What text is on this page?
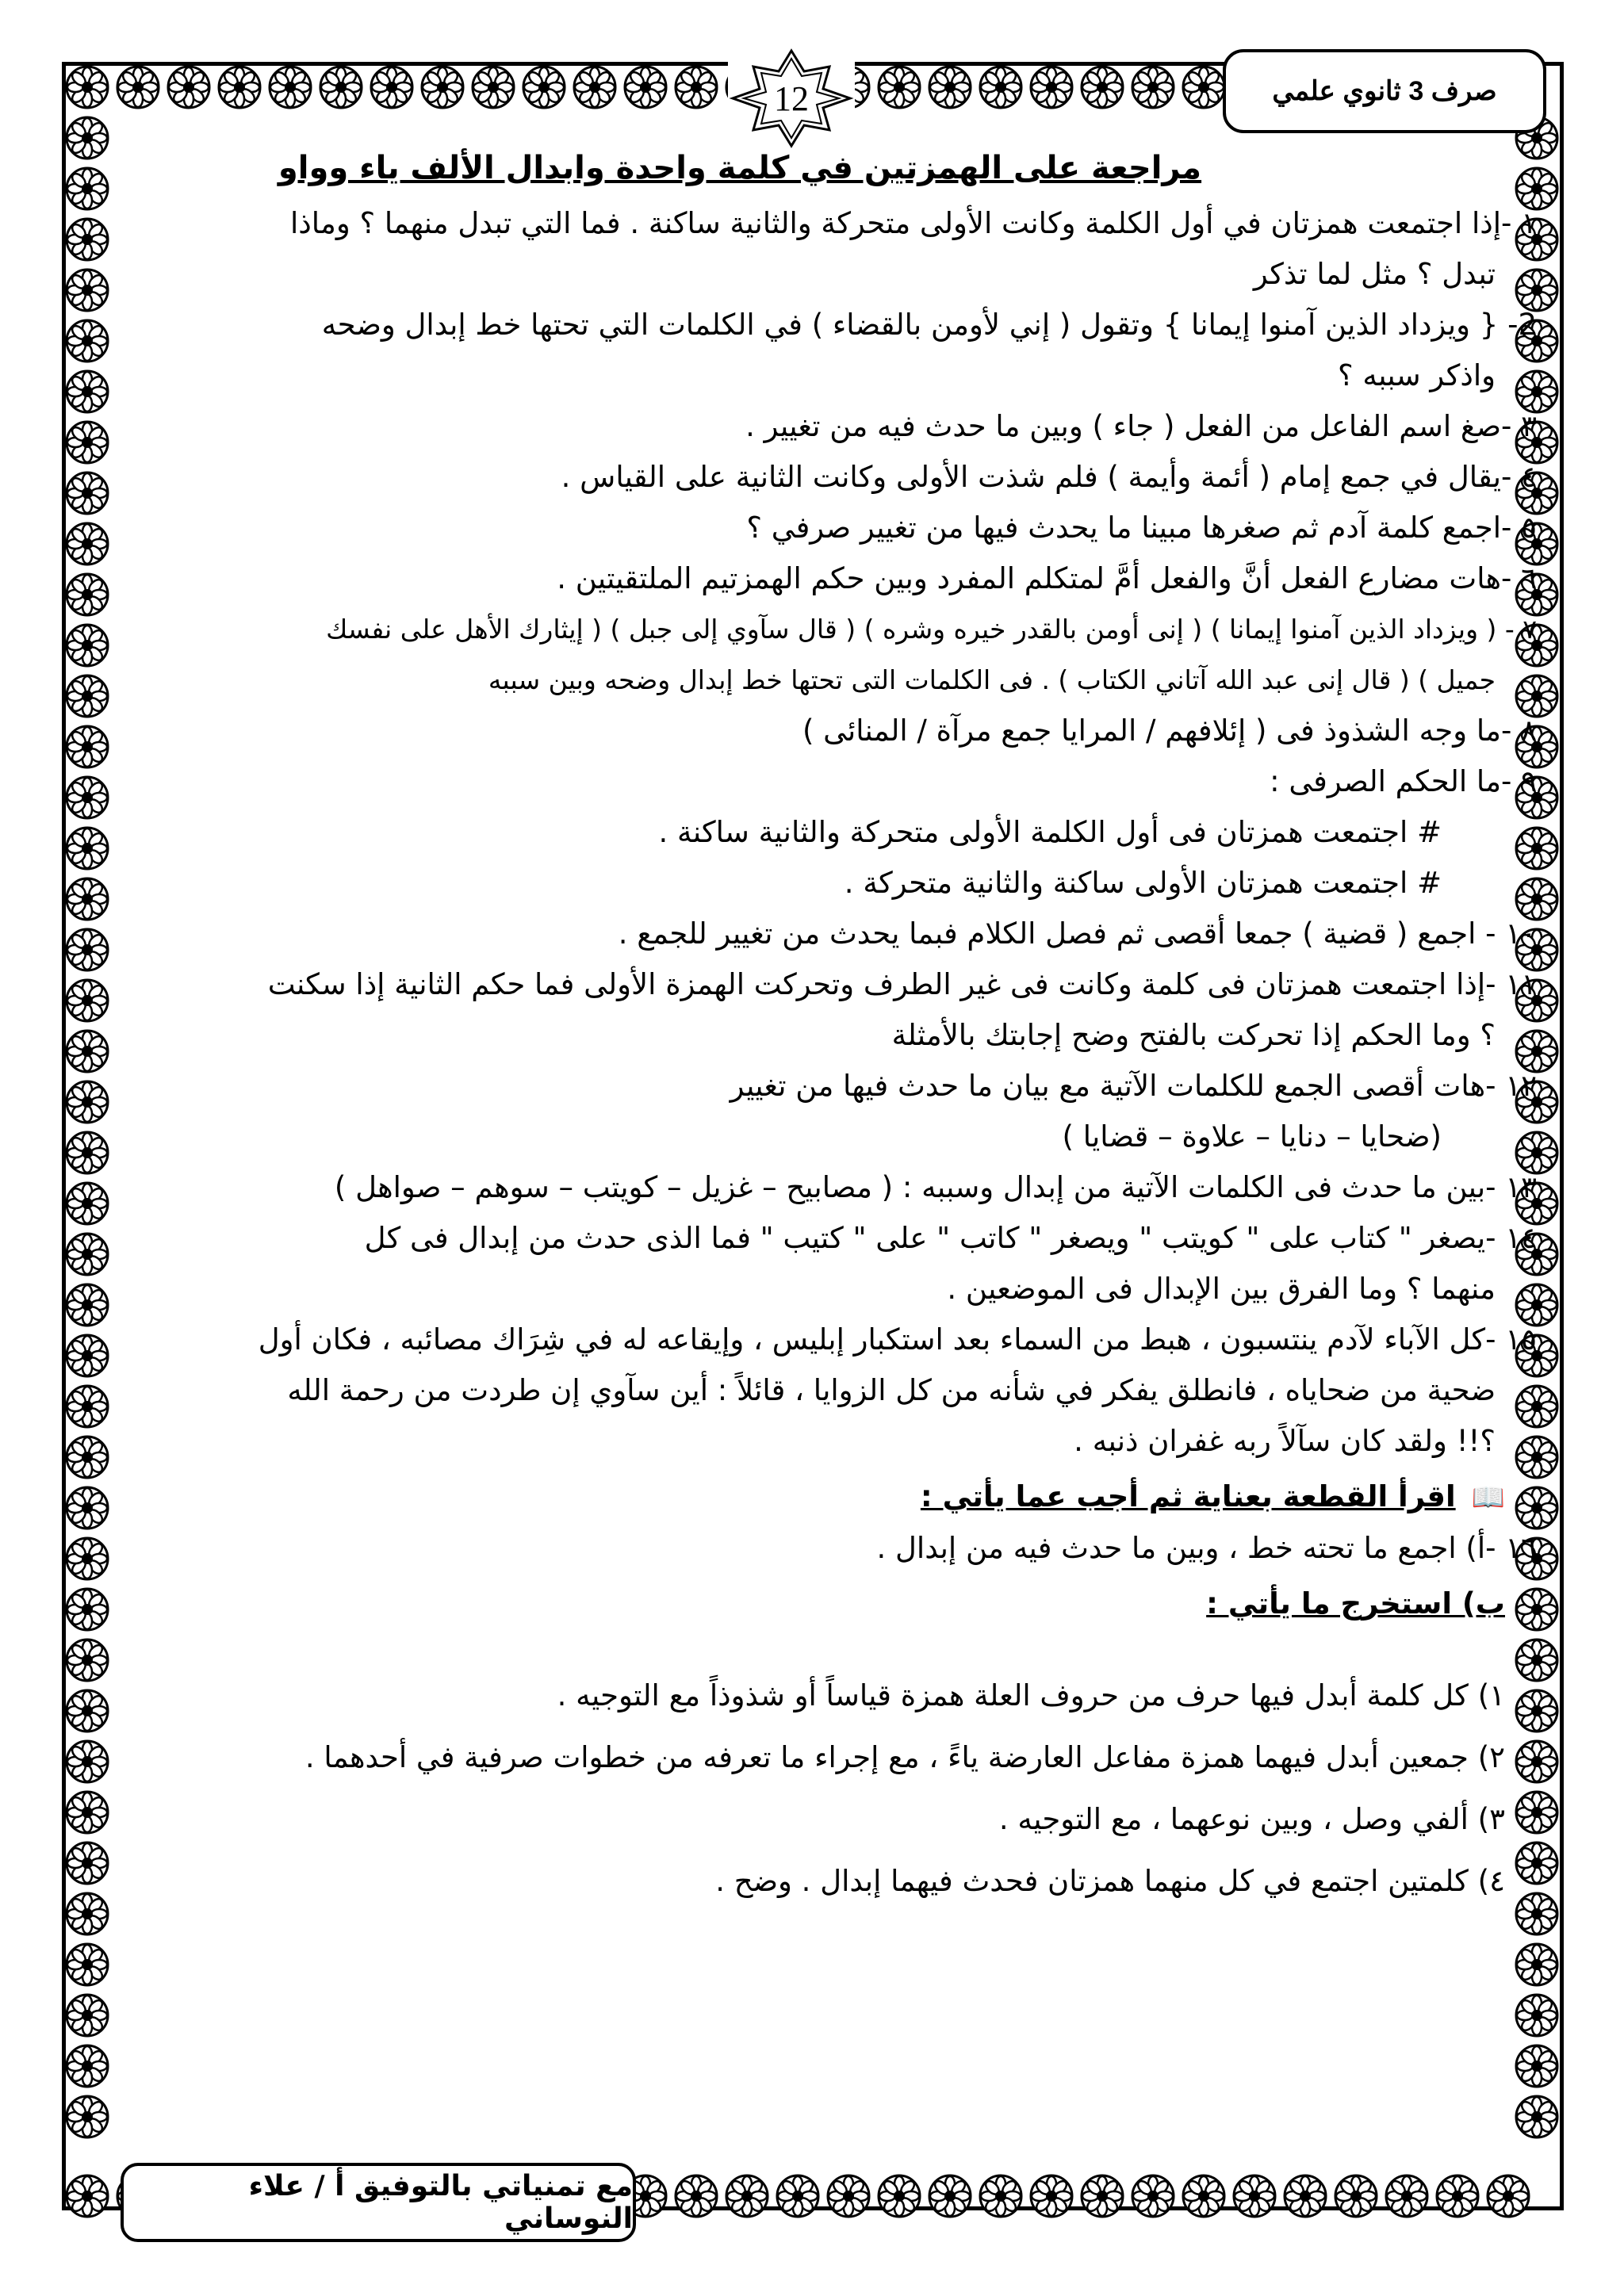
صرف 3 ثانوي علمي
12

مراجعة على الهمزتين في كلمة واحدة وابدال الألف ياء وواو

١ -إذا اجتمعت همزتان في أول الكلمة وكانت الأولى متحركة والثانية ساكنة . فما التي تبدل منهما ؟ وماذا

تبدل ؟ مثل لما تذكر

2- { ويزداد الذين آمنوا إيمانا } وتقول ( إني لأومن بالقضاء ) في الكلمات التي تحتها خط إبدال وضحه

واذكر سببه ؟

٣ -صغ اسم الفاعل من الفعل ( جاء ) وبين ما حدث فيه من تغيير .

٤ -يقال في جمع إمام ( أئمة وأيمة ) فلم شذت الأولى وكانت الثانية على القياس .

٥ -اجمع كلمة آدم ثم صغرها مبينا ما يحدث فيها من تغيير صرفي ؟

٦ -هات مضارع الفعل أنَّ والفعل أمَّ لمتكلم المفرد وبين حكم الهمزتيم الملتقيتين .

٧ - ( ويزداد الذين آمنوا إيمانا ) ( إنى أومن بالقدر خيره وشره ) ( قال سآوي إلى جبل ) ( إيثارك الأهل على نفسك

جميل ) ( قال إنى عبد الله آتاني الكتاب ) . فى الكلمات التى تحتها خط إبدال وضحه وبين سببه

٨ -ما وجه الشذوذ فى ( إئلافهم / المرايا جمع مرآة / المنائى )

٩ -ما الحكم الصرفى :

# اجتمعت همزتان فى أول الكلمة الأولى متحركة والثانية ساكنة .

# اجتمعت همزتان الأولى ساكنة والثانية متحركة .

١٠ - اجمع ( قضية ) جمعا أقصى ثم فصل الكلام فبما يحدث من تغيير للجمع .

١١ -إذا اجتمعت همزتان فى كلمة وكانت فى غير الطرف وتحركت الهمزة الأولى فما حكم الثانية إذا سكنت

؟ وما الحكم إذا تحركت بالفتح وضح إجابتك بالأمثلة

١٢ -هات أقصى الجمع للكلمات الآتية مع بيان ما حدث فيها من تغيير

(ضحايا – دنايا – علاوة – قضايا )

١٣ -بين ما حدث فى الكلمات الآتية من إبدال وسببه : ( مصابيح – غزيل – كويتب – سوهم – صواهل )

١٤ -يصغر " كتاب على " كويتب " ويصغر " كاتب " على " كتيب " فما الذى حدث من إبدال فى كل

منهما ؟ وما الفرق بين الإبدال فى الموضعين .

١٥ -كل الآباء لآدم ينتسبون ، هبط من السماء بعد استكبار إبليس ، وإيقاعه له في شِرَاك مصائبه ، فكان أول

ضحية من ضحاياه ، فانطلق يفكر في شأنه من كل الزوايا ، قائلاً : أين سآوي إن طردت من رحمة الله

؟!! ولقد كان سآلاً ربه غفران ذنبه .

📖اقرأ القطعة بعناية ثم أجب عما يأتي :

١٦ -أ) اجمع ما تحته خط ، وبين ما حدث فيه من إبدال .

ب) استخرج ما يأتي :

١) كل كلمة أبدل فيها حرف من حروف العلة همزة قياساً أو شذوذاً مع التوجيه .

٢) جمعين أبدل فيهما همزة مفاعل العارضة ياءً ، مع إجراء ما تعرفه من خطوات صرفية في أحدهما .

٣) ألفي وصل ، وبين نوعهما ، مع التوجيه .

٤) كلمتين اجتمع في كل منهما همزتان فحدث فيهما إبدال . وضح .

مع تمنياتي بالتوفيق أ / علاء النوساني
